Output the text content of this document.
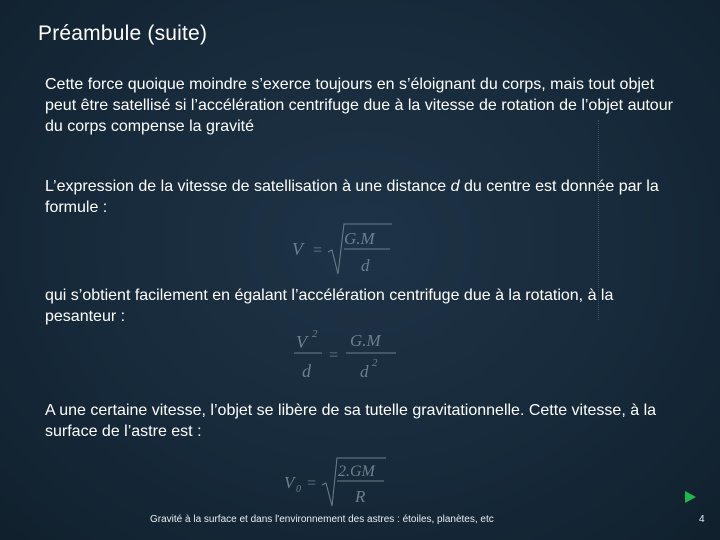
Préambule (suite)
Cette force quoique moindre s’exerce toujours en s’éloignant du corps, mais tout objet peut être satellisé si l’accélération centrifuge due à la vitesse de rotation de l’objet autour du corps compense la gravité
L’expression de la vitesse de satellisation à une distance d du centre est donnée par la formule :
V =
G.M
d
qui s’obtient facilement en égalant l’accélération centrifuge due à la rotation, à la pesanteur :
V 2
d
=
G.M
d 2
A une certaine vitesse, l’objet se libère de sa tutelle gravitationnelle. Cette vitesse, à la surface de l’astre est :
V 0 =
2.GM
R
Gravité à la surface et dans l'environnement des astres : étoiles, planètes, etc	4
